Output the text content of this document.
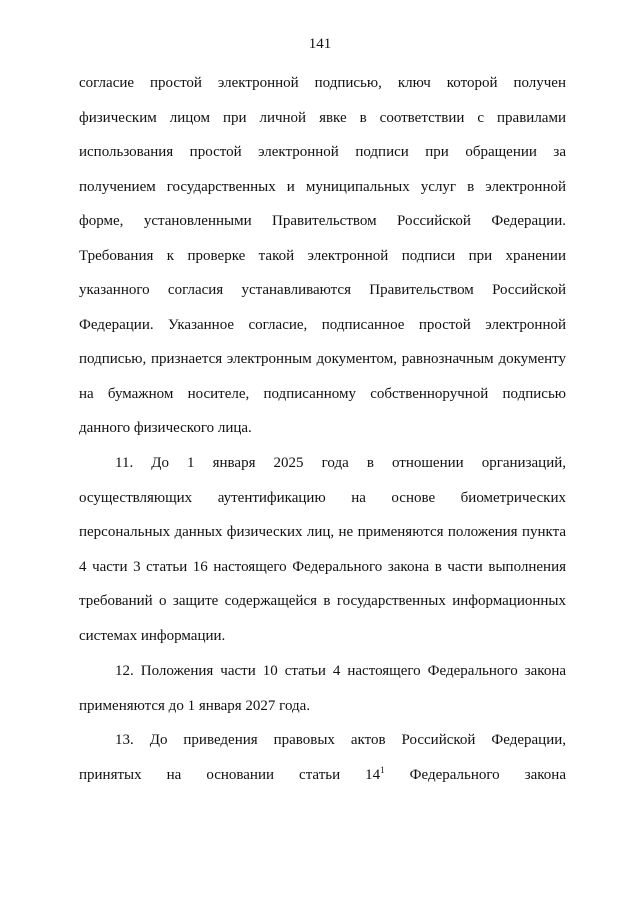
141
согласие простой электронной подписью, ключ которой получен
физическим лицом при личной явке в соответствии с правилами
использования простой электронной подписи при обращении за
получением государственных и муниципальных услуг в электронной
форме, установленными Правительством Российской Федерации.
Требования к проверке такой электронной подписи при хранении
указанного согласия устанавливаются Правительством Российской
Федерации. Указанное согласие, подписанное простой электронной
подписью, признается электронным документом, равнозначным документу
на бумажном носителе, подписанному собственноручной подписью
данного физического лица.
11. До 1 января 2025 года в отношении организаций,
осуществляющих аутентификацию на основе биометрических
персональных данных физических лиц, не применяются положения пункта
4 части 3 статьи 16 настоящего Федерального закона в части выполнения
требований о защите содержащейся в государственных информационных
системах информации.
12. Положения части 10 статьи 4 настоящего Федерального закона
применяются до 1 января 2027 года.
13. До приведения правовых актов Российской Федерации,
принятых на основании статьи $14^1$ Федерального закона
